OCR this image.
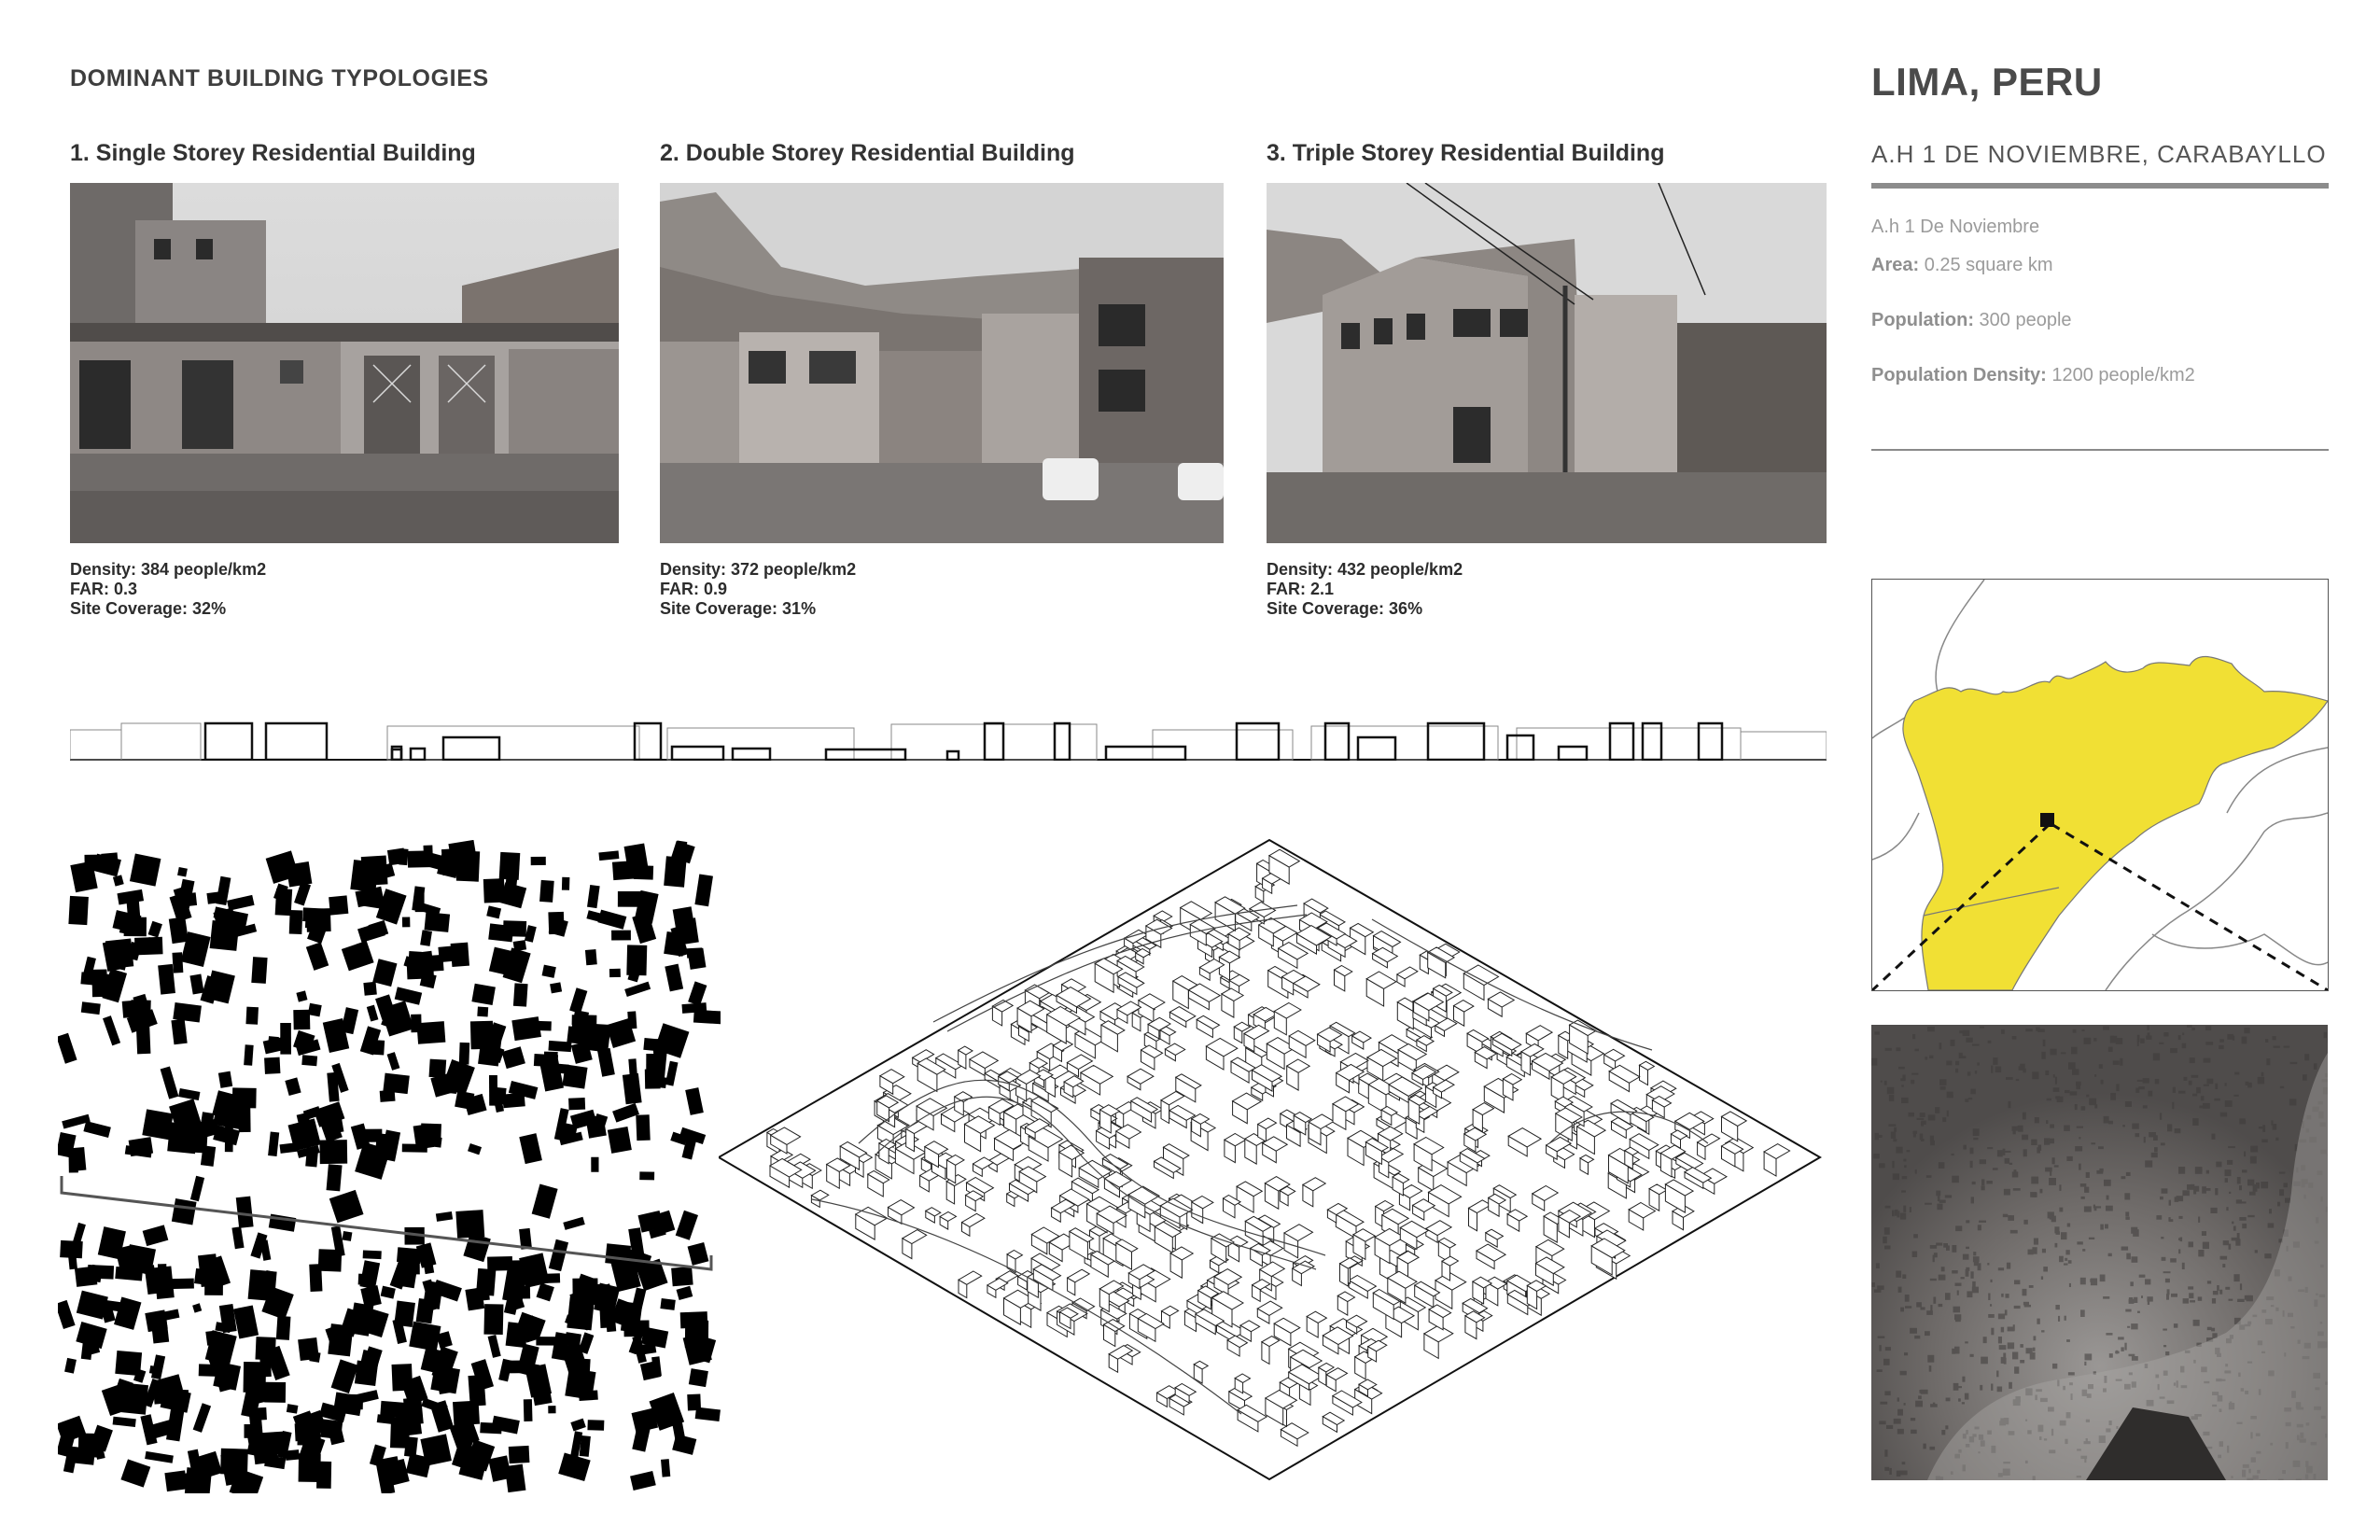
DOMINANT BUILDING TYPOLOGIES
1. Single Storey Residential Building
Density: 384 people/km2
FAR: 0.3
Site Coverage: 32%
2. Double Storey Residential Building
Density: 372 people/km2
FAR: 0.9
Site Coverage: 31%
3. Triple Storey Residential Building
Density: 432 people/km2
FAR: 2.1
Site Coverage: 36%
LIMA, PERU
A.H 1 DE NOVIEMBRE, CARABAYLLO
A.h 1 De Noviembre
Area: 0.25 square km
Population: 300 people
Population Density: 1200 people/km2
